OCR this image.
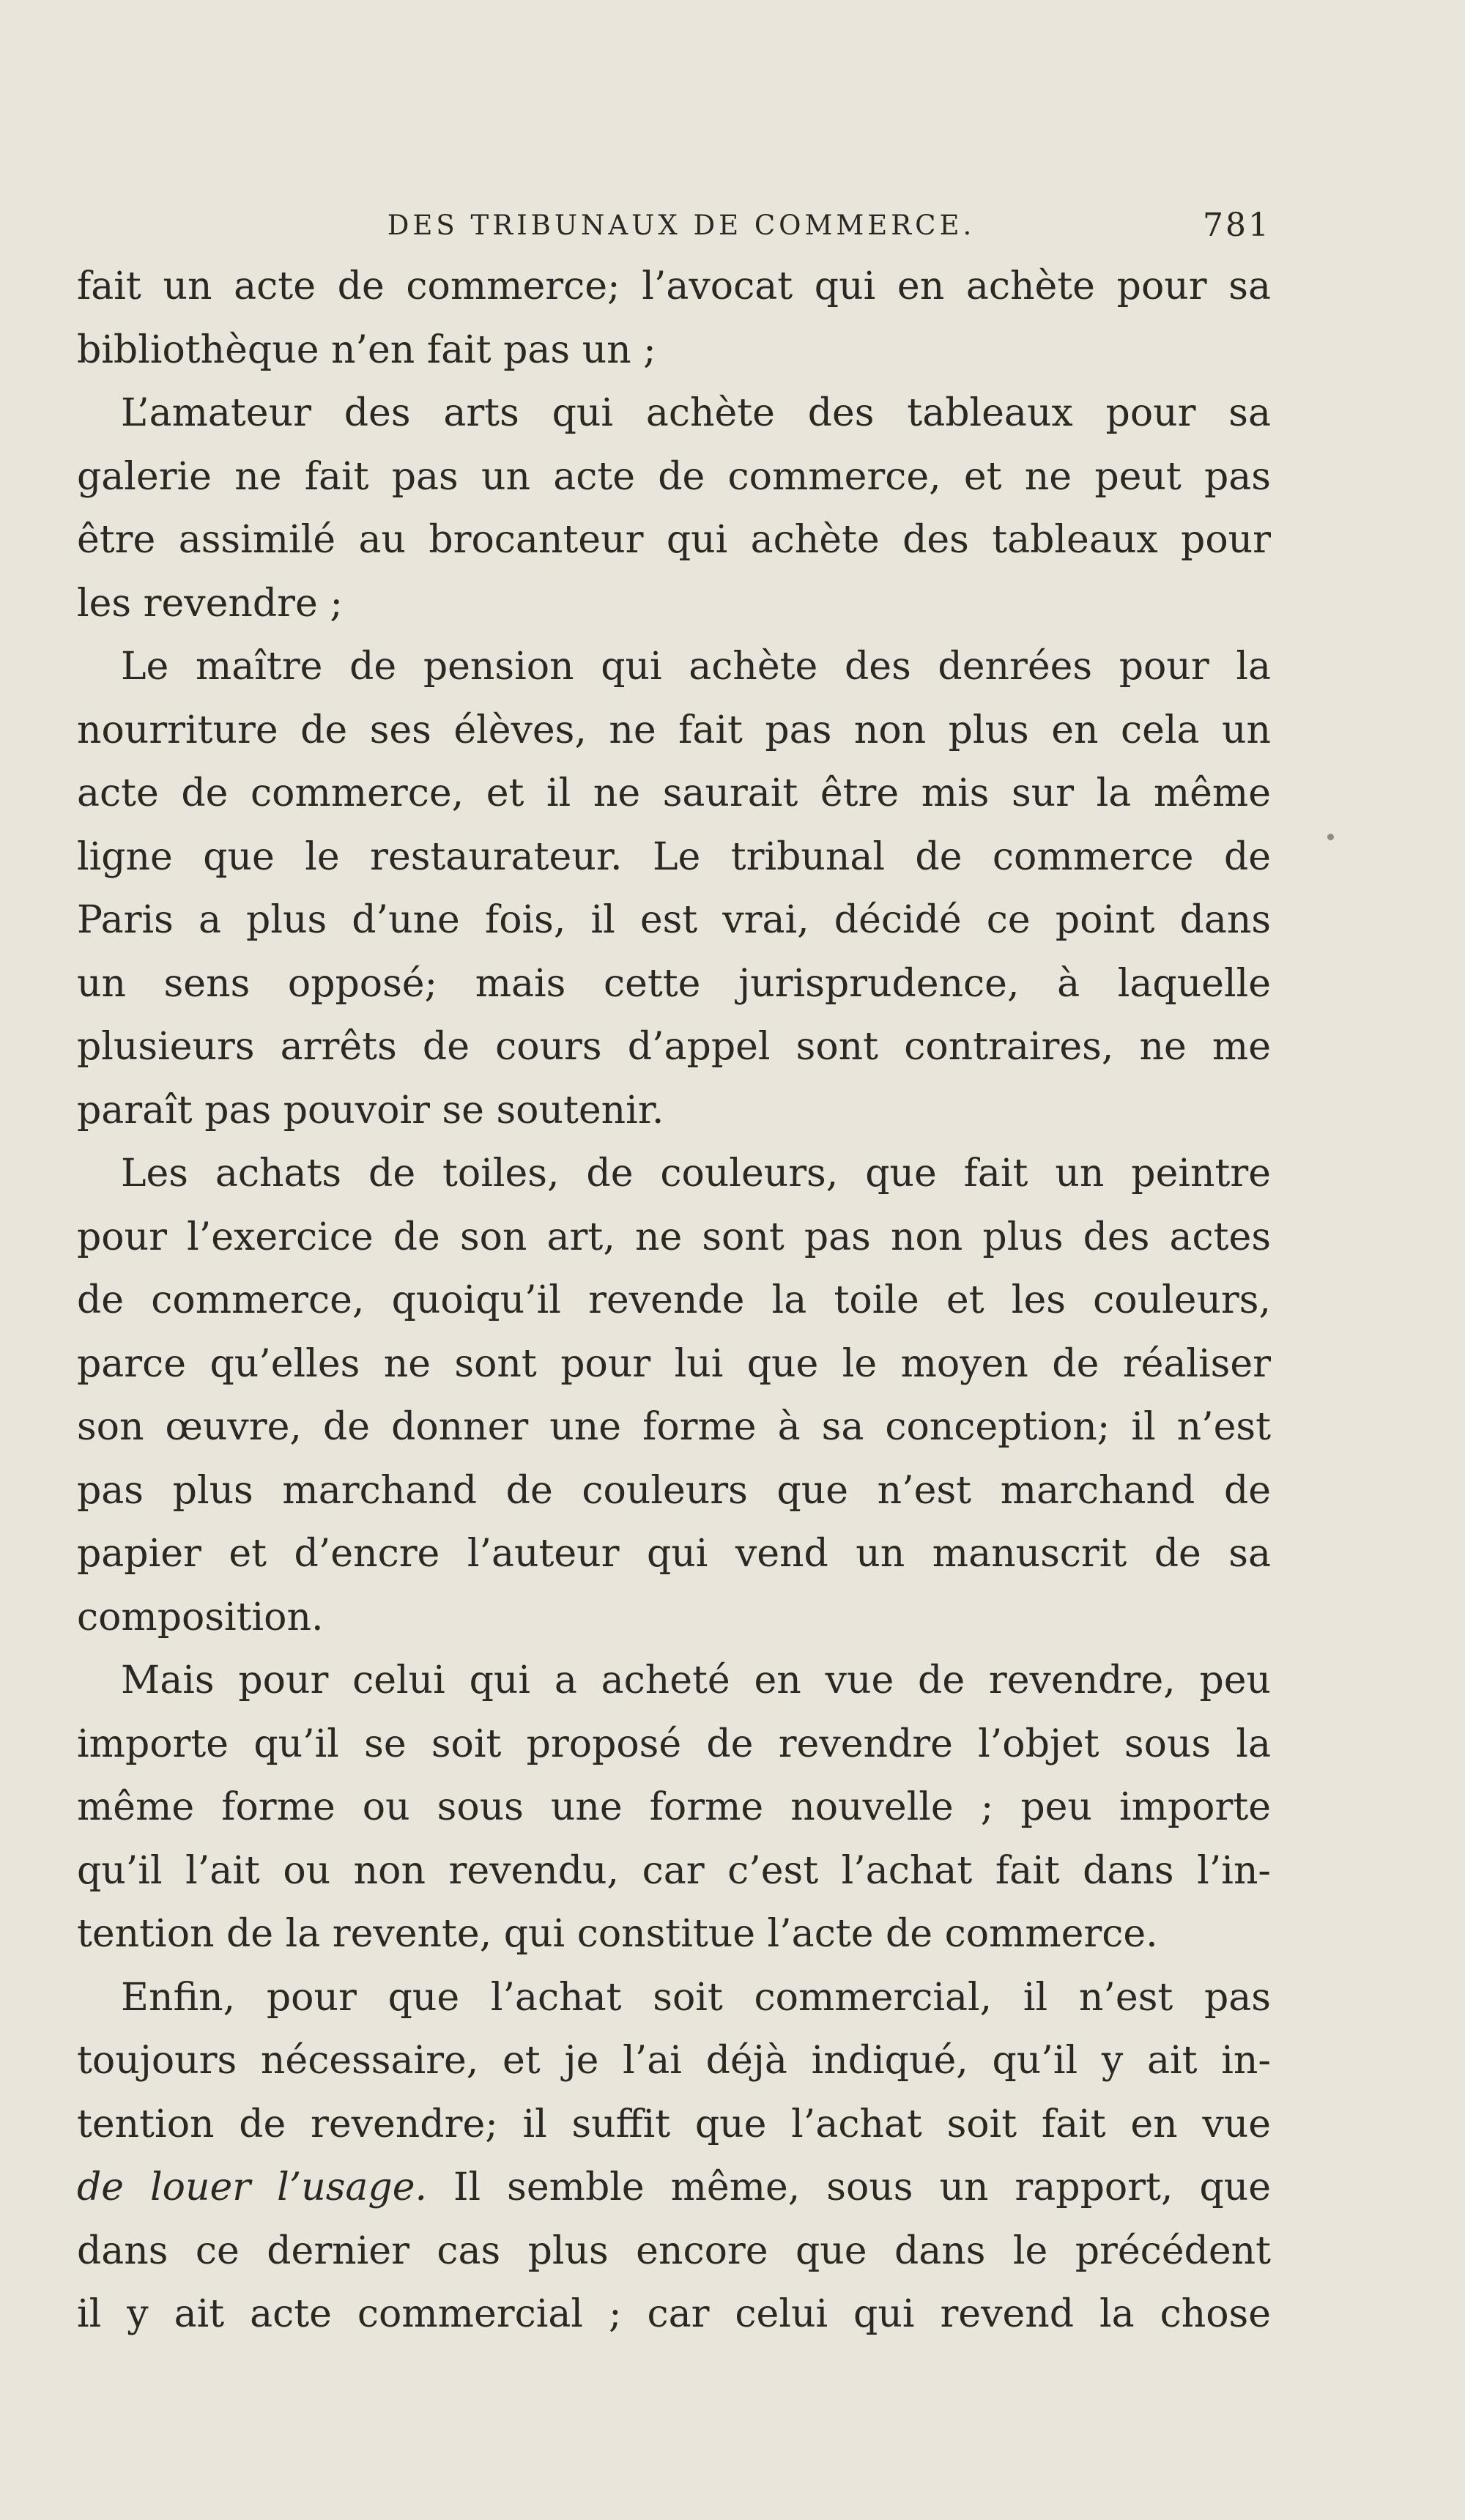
DES TRIBUNAUX DE COMMERCE.	781

fait un acte de commerce; l’avocat qui en achète pour sa

bibliothèque n’en fait pas un ;

L’amateur des arts qui achète des tableaux pour sa

galerie ne fait pas un acte de commerce, et ne peut pas

être assimilé au brocanteur qui achète des tableaux pour

les revendre ;

Le maître de pension qui achète des denrées pour la

nourriture de ses élèves, ne fait pas non plus en cela un

acte de commerce, et il ne saurait être mis sur la même

ligne que le restaurateur. Le tribunal de commerce de

Paris a plus d’une fois, il est vrai, décidé ce point dans

un sens opposé; mais cette jurisprudence, à laquelle

plusieurs arrêts de cours d’appel sont contraires, ne me

paraît pas pouvoir se soutenir.

Les achats de toiles, de couleurs, que fait un peintre

pour l’exercice de son art, ne sont pas non plus des actes

de commerce, quoiqu’il revende la toile et les couleurs,

parce qu’elles ne sont pour lui que le moyen de réaliser

son œuvre, de donner une forme à sa conception; il n’est

pas plus marchand de couleurs que n’est marchand de

papier et d’encre l’auteur qui vend un manuscrit de sa

composition.

Mais pour celui qui a acheté en vue de revendre, peu

importe qu’il se soit proposé de revendre l’objet sous la

même forme ou sous une forme nouvelle ; peu importe

qu’il l’ait ou non revendu, car c’est l’achat fait dans l’in-

tention de la revente, qui constitue l’acte de commerce.

Enfin, pour que l’achat soit commercial, il n’est pas

toujours nécessaire, et je l’ai déjà indiqué, qu’il y ait in-

tention de revendre; il suffit que l’achat soit fait en vue

de louer l’usage. Il semble même, sous un rapport, que

dans ce dernier cas plus encore que dans le précédent

il y ait acte commercial ; car celui qui revend la chose
